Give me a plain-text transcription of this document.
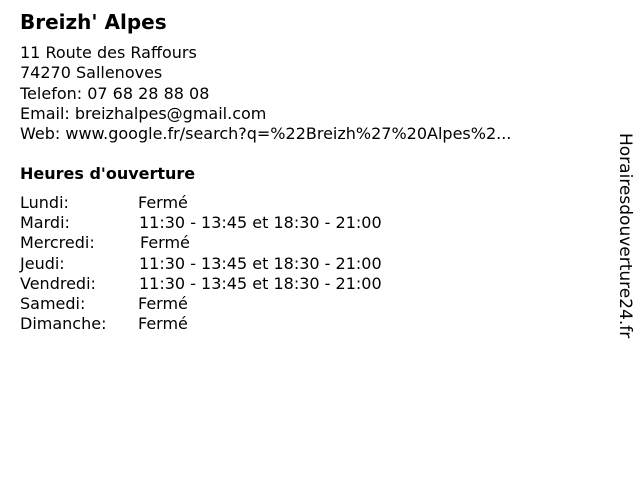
Breizh' Alpes
11 Route des Raffours
74270 Sallenoves
Telefon: 07 68 28 88 08
Email: breizhalpes@gmail.com
Web: www.google.fr/search?q=%22Breizh%27%20Alpes%2...
Heures d'ouverture
Lundi:	Fermé
Mardi:	11:30 - 13:45 et 18:30 - 21:00
Mercredi:	Fermé
Jeudi:	11:30 - 13:45 et 18:30 - 21:00
Vendredi:	11:30 - 13:45 et 18:30 - 21:00
Samedi:	Fermé
Dimanche: Fermé	Horairesdouverture24.fr
